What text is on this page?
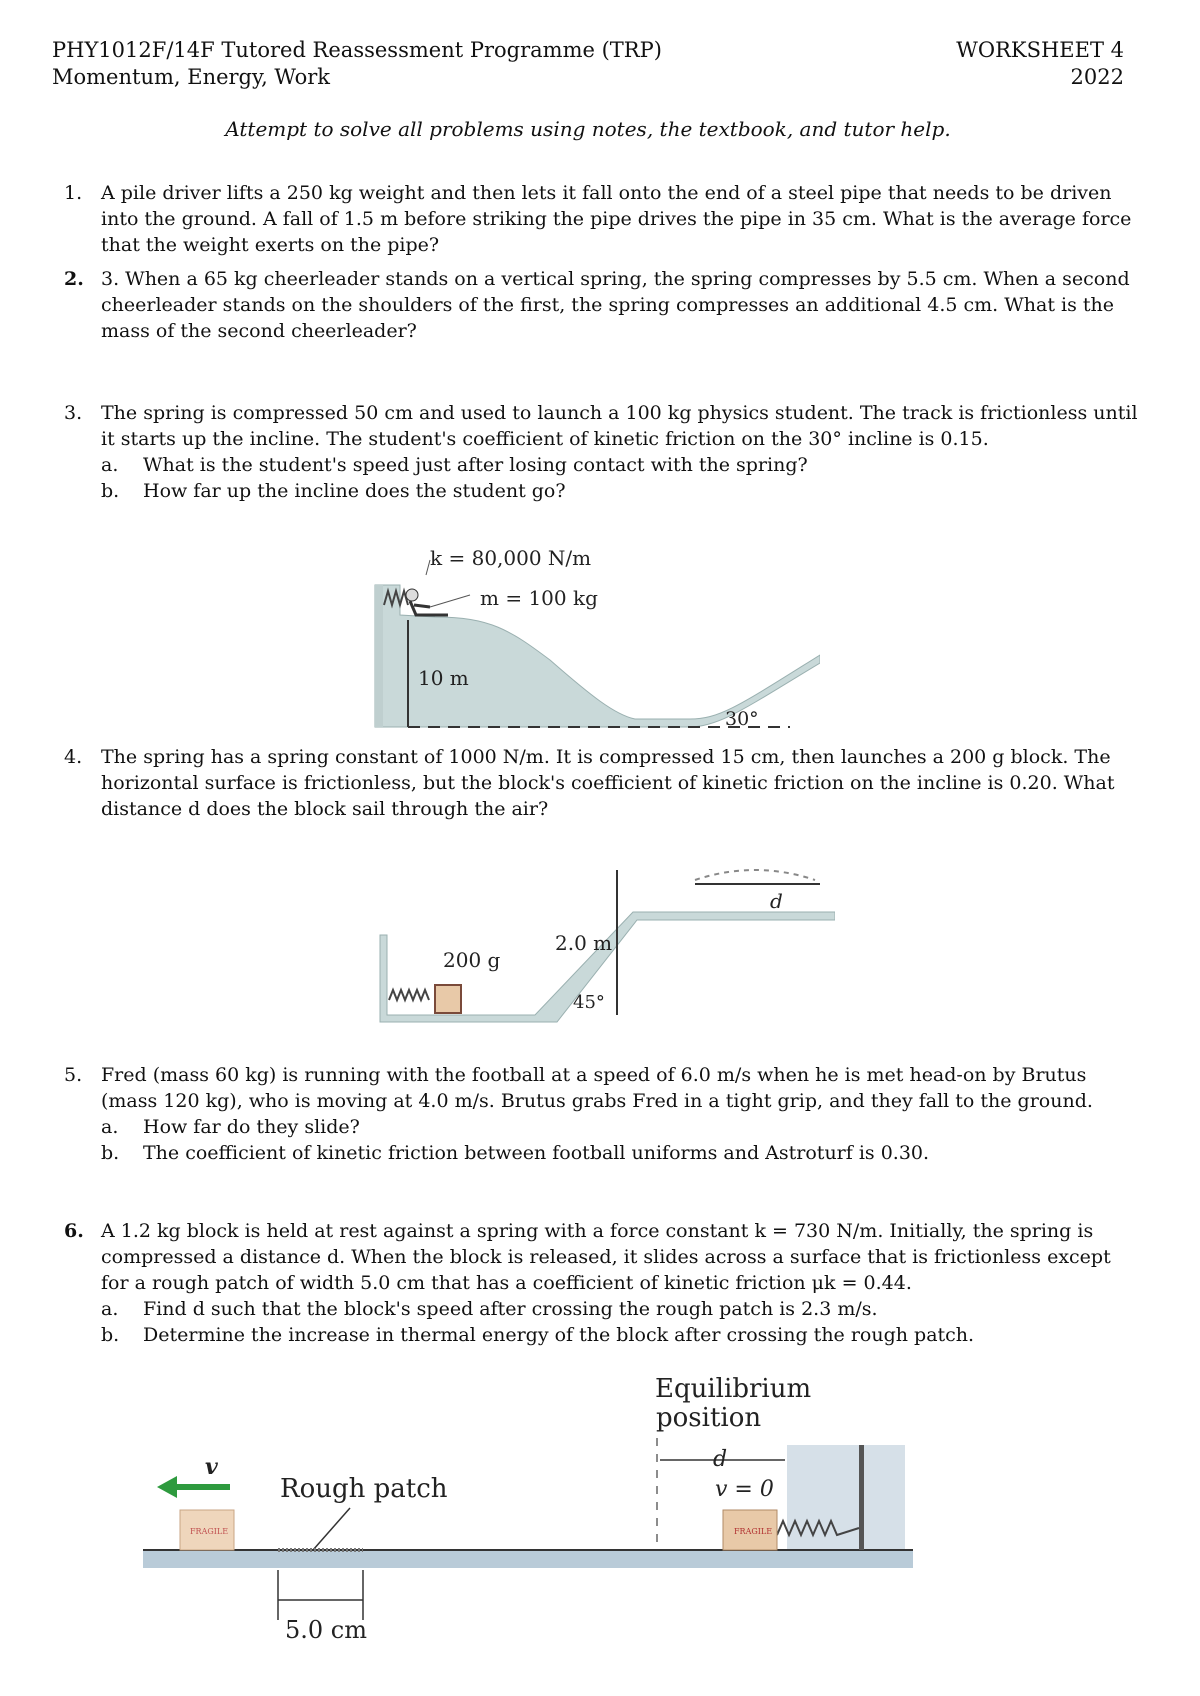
PHY1012F/14F Tutored Reassessment Programme (TRP)
Momentum, Energy, Work
WORKSHEET 4
2022
Attempt to solve all problems using notes, the textbook, and tutor help.
1. A pile driver lifts a 250 kg weight and then lets it fall onto the end of a steel pipe that needs to be driven into the ground. A fall of 1.5 m before striking the pipe drives the pipe in 35 cm. What is the average force that the weight exerts on the pipe?
2. 3. When a 65 kg cheerleader stands on a vertical spring, the spring compresses by 5.5 cm. When a second cheerleader stands on the shoulders of the first, the spring compresses an additional 4.5 cm. What is the mass of the second cheerleader?
3. The spring is compressed 50 cm and used to launch a 100 kg physics student. The track is frictionless until it starts up the incline. The student's coefficient of kinetic friction on the 30° incline is 0.15.
a.	What is the student's speed just after losing contact with the spring?
b.	How far up the incline does the student go?
k = 80,000 N/m
m = 100 kg
10 m
30°
4. The spring has a spring constant of 1000 N/m. It is compressed 15 cm, then launches a 200 g block. The horizontal surface is frictionless, but the block's coefficient of kinetic friction on the incline is 0.20. What distance d does the block sail through the air?
200 g
2.0 m
45°
d
5. Fred (mass 60 kg) is running with the football at a speed of 6.0 m/s when he is met head-on by Brutus (mass 120 kg), who is moving at 4.0 m/s. Brutus grabs Fred in a tight grip, and they fall to the ground.
a.	How far do they slide?
b.	The coefficient of kinetic friction between football uniforms and Astroturf is 0.30.
6. A 1.2 kg block is held at rest against a spring with a force constant k = 730 N/m. Initially, the spring is compressed a distance d. When the block is released, it slides across a surface that is frictionless except for a rough patch of width 5.0 cm that has a coefficient of kinetic friction μk = 0.44.
a.	Find d such that the block's speed after crossing the rough patch is 2.3 m/s.
b.	Determine the increase in thermal energy of the block after crossing the rough patch.
Equilibrium
position
d
v = 0
FRAGILE
FRAGILE
v
Rough patch
5.0 cm
